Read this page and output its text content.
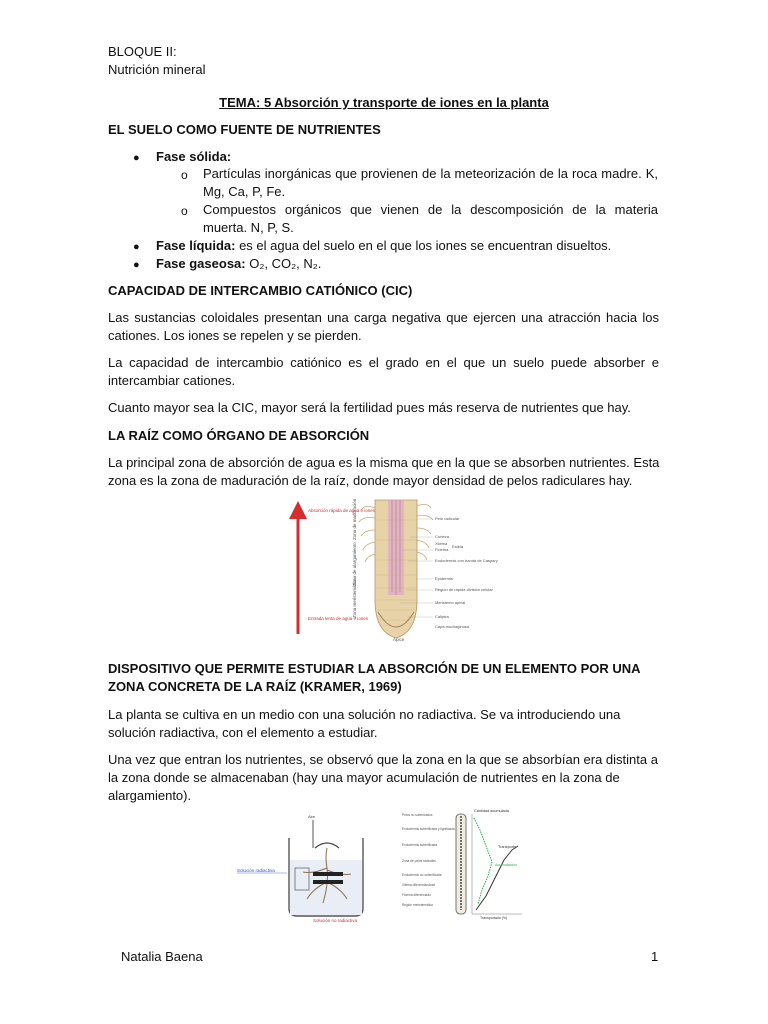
BLOQUE II:
Nutrición mineral
TEMA: 5 Absorción y transporte de iones en la planta
EL SUELO COMO FUENTE DE NUTRIENTES
● Fase sólida:
o Partículas inorgánicas que provienen de la meteorización de la roca madre. K, Mg, Ca, P, Fe.
o Compuestos orgánicos que vienen de la descomposición de la materia muerta. N, P, S.
● Fase líquida: es el agua del suelo en el que los iones se encuentran disueltos.
● Fase gaseosa: O₂, CO₂, N₂.
CAPACIDAD DE INTERCAMBIO CATIÓNICO (CIC)
Las sustancias coloidales presentan una carga negativa que ejercen una atracción hacia los cationes. Los iones se repelen y se pierden.
La capacidad de intercambio catiónico es el grado en el que un suelo puede absorber e intercambiar cationes.
Cuanto mayor sea la CIC, mayor será la fertilidad pues más reserva de nutrientes que hay.
LA RAÍZ COMO ÓRGANO DE ABSORCIÓN
La principal zona de absorción de agua es la misma que en la que se absorben nutrientes. Esta zona es la zona de maduración de la raíz, donde mayor densidad de pelos radiculares hay.
Absorción rápida de agua e iones
Entrada lenta de agua e iones
Zona de maduración
Zona de alargamiento
Zona meristemática
Ápice
Pelo radicular
Corteza
Xilema
Floema
Estela
Endodermis con banda de Caspary
Epidermis
Región de rápida división celular
Meristemo apical
Caliptra
Capa mucilaginosa
DISPOSITIVO QUE PERMITE ESTUDIAR LA ABSORCIÓN DE UN ELEMENTO POR UNA ZONA CONCRETA DE LA RAÍZ (KRAMER, 1969)
La planta se cultiva en un medio con una solución no radiactiva. Se va introduciendo una solución radiactiva, con el elemento a estudiar.
Una vez que entran los nutrientes, se observó que la zona en la que se absorbían era distinta a la zona donde se almacenaban (hay una mayor acumulación de nutrientes en la zona de alargamiento).
Aire
Solución radiactiva
Solución no radiactiva
Cantidad acumulada
Pelos no suberizados
Endodermis suberificada y lignificada
Endodermis suberificada
Zona de pelos radicales
Endodermis no suberificada
Xilema diferenciándose
Floema diferenciado
Región meristemática
Transporte
Acumulación
Transportado (%)
Natalia Baena	1
